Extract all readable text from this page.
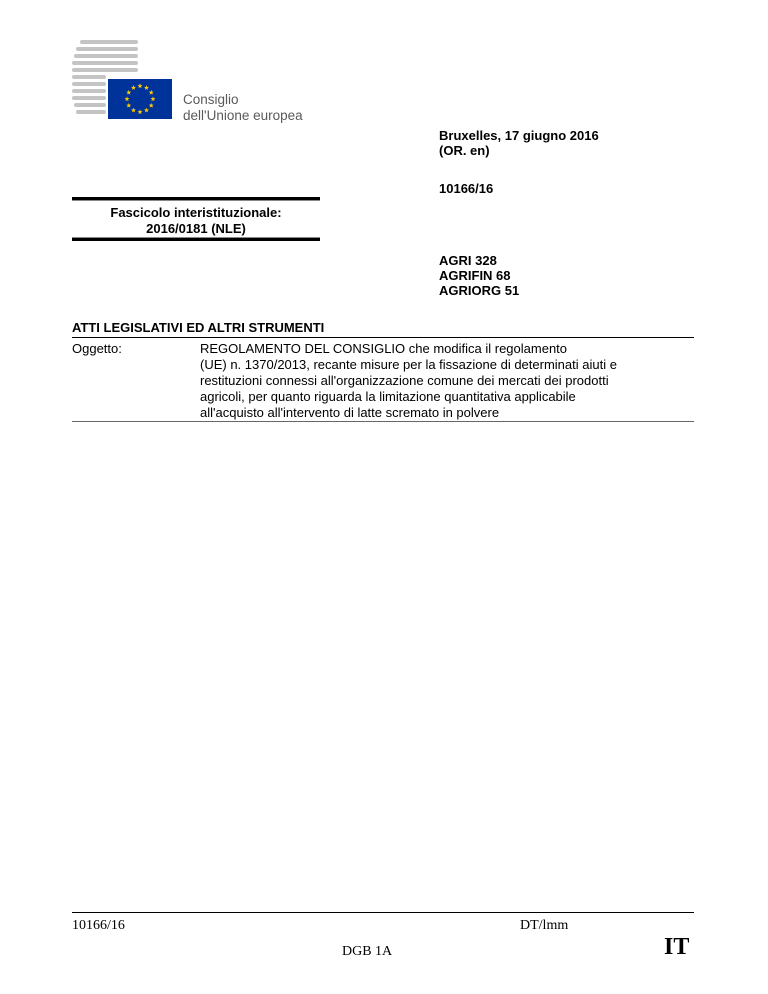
Consiglio
dell'Unione europea
Bruxelles, 17 giugno 2016
(OR. en)
10166/16
AGRI 328
AGRIFIN 68
AGRIORG 51
Fascicolo interistituzionale:
2016/0181 (NLE)
ATTI LEGISLATIVI ED ALTRI STRUMENTI
Oggetto:	REGOLAMENTO DEL CONSIGLIO che modifica il regolamento
(UE) n. 1370/2013, recante misure per la fissazione di determinati aiuti e
restituzioni connessi all'organizzazione comune dei mercati dei prodotti
agricoli, per quanto riguarda la limitazione quantitativa applicabile
all'acquisto all'intervento di latte scremato in polvere
10166/16	DT/lmm
DGB 1A	IT
